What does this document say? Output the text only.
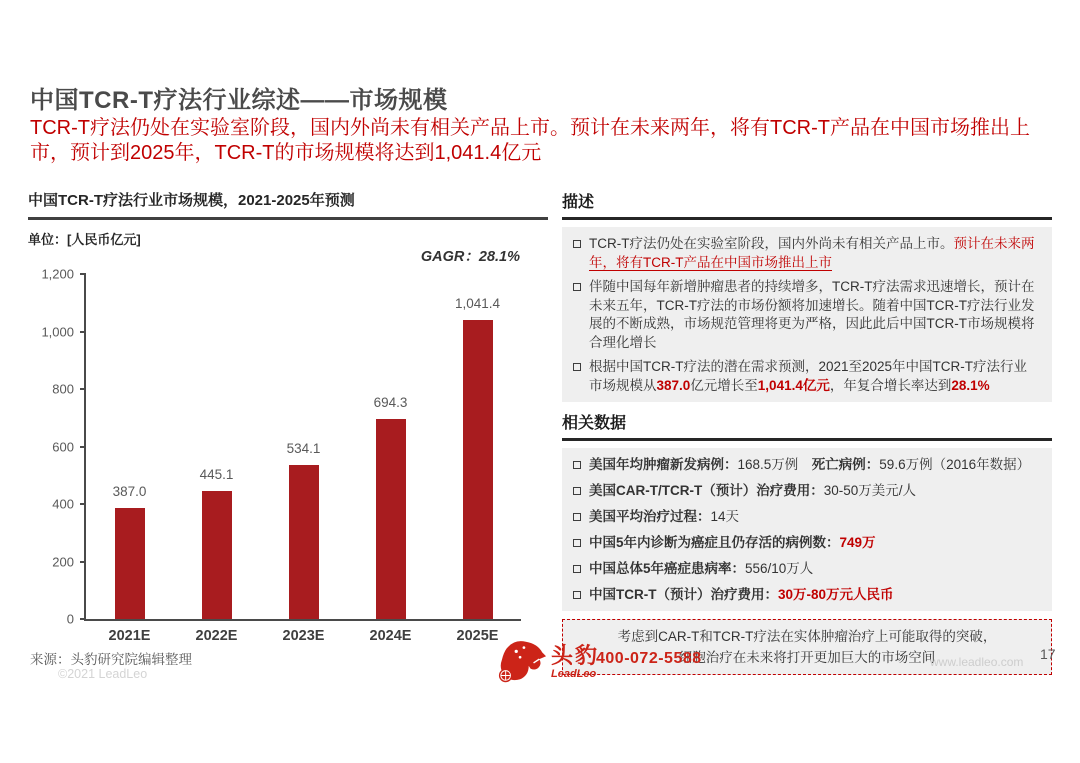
中国TCR-T疗法行业综述——市场规模
TCR-T疗法仍处在实验室阶段，国内外尚未有相关产品上市。预计在未来两年，将有TCR-T产品在中国市场推出上市，预计到2025年，TCR-T的市场规模将达到1,041.4亿元
中国TCR-T疗法行业市场规模，2021-2025年预测
单位：[人民币亿元]
GAGR：28.1%
0
200
400
600
800
1,000
1,200
387.0
2021E
445.1
2022E
534.1
2023E
694.3
2024E
1,041.4
2025E
描述
TCR-T疗法仍处在实验室阶段，国内外尚未有相关产品上市。预计在未来两年，将有TCR-T产品在中国市场推出上市
伴随中国每年新增肿瘤患者的持续增多，TCR-T疗法需求迅速增长，预计在未来五年，TCR-T疗法的市场份额将加速增长。随着中国TCR-T疗法行业发展的不断成熟，市场规范管理将更为严格，因此此后中国TCR-T市场规模将合理化增长
根据中国TCR-T疗法的潜在需求预测，2021至2025年中国TCR-T疗法行业市场规模从387.0亿元增长至1,041.4亿元，年复合增长率达到28.1%
相关数据
美国年均肿瘤新发病例：168.5万例　 死亡病例：59.6万例（2016年数据）
美国CAR-T/TCR-T（预计）治疗费用：30-50万美元/人
美国平均治疗过程：14天
中国5年内诊断为癌症且仍存活的病例数：749万
中国总体5年癌症患病率：556/10万人
中国TCR-T（预计）治疗费用：30万-80万元人民币
考虑到CAR-T和TCR-T疗法在实体肿瘤治疗上可能取得的突破，
细胞治疗在未来将打开更加巨大的市场空间
来源：头豹研究院编辑整理
©2021 LeadLeo
头豹
LeadLeo
400-072-5588	www.leadleo.com 17
